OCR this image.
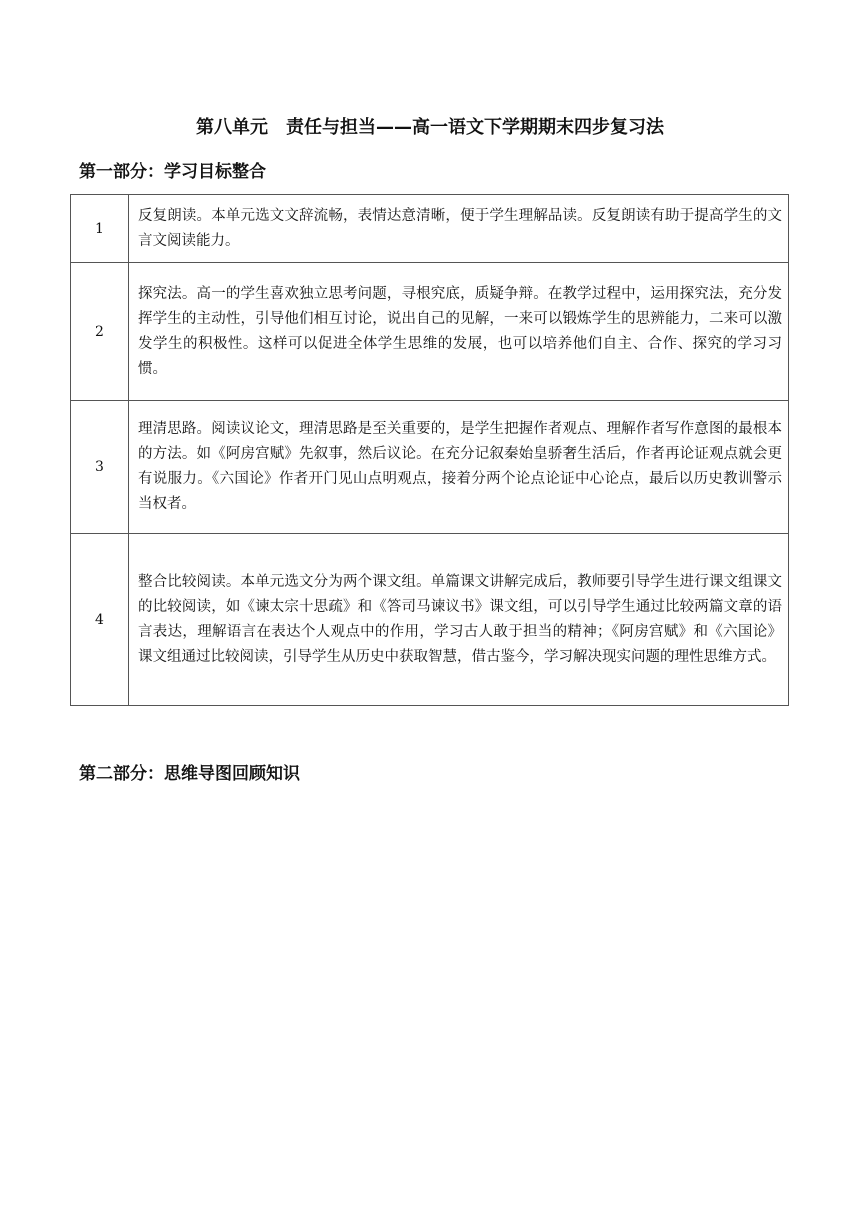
第八单元　责任与担当——高一语文下学期期末四步复习法
第一部分：学习目标整合
1	反复朗读。本单元选文文辞流畅，表情达意清晰，便于学生理解品读。反复朗读有助于提高学生的文言文阅读能力。
2	探究法。高一的学生喜欢独立思考问题，寻根究底，质疑争辩。在教学过程中，运用探究法，充分发挥学生的主动性，引导他们相互讨论，说出自己的见解，一来可以锻炼学生的思辨能力，二来可以激发学生的积极性。这样可以促进全体学生思维的发展，也可以培养他们自主、合作、探究的学习习惯。
3	理清思路。阅读议论文，理清思路是至关重要的，是学生把握作者观点、理解作者写作意图的最根本的方法。如《阿房宫赋》先叙事，然后议论。在充分记叙秦始皇骄奢生活后，作者再论证观点就会更有说服力。《六国论》作者开门见山点明观点，接着分两个论点论证中心论点，最后以历史教训警示当权者。
4	整合比较阅读。本单元选文分为两个课文组。单篇课文讲解完成后，教师要引导学生进行课文组课文的比较阅读，如《谏太宗十思疏》和《答司马谏议书》课文组，可以引导学生通过比较两篇文章的语言表达，理解语言在表达个人观点中的作用，学习古人敢于担当的精神；《阿房宫赋》和《六国论》课文组通过比较阅读，引导学生从历史中获取智慧，借古鉴今，学习解决现实问题的理性思维方式。
第二部分：思维导图回顾知识
